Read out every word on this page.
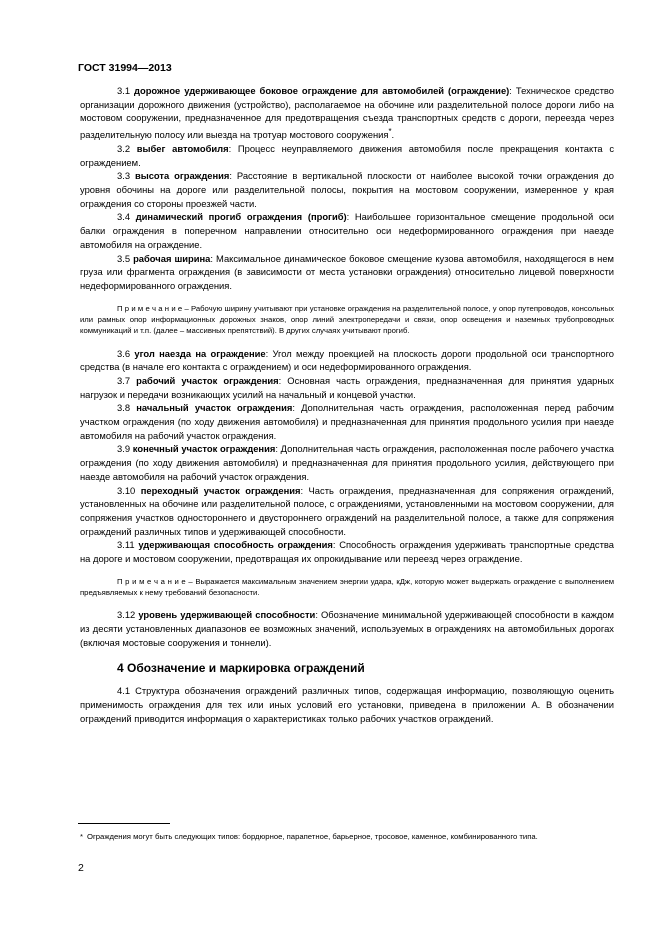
ГОСТ 31994—2013

3.1 дорожное удерживающее боковое ограждение для автомобилей (ограждение): Техническое средство организации дорожного движения (устройство), располагаемое на обочине или разделительной полосе дороги либо на мостовом сооружении, предназначенное для предотвращения съезда транспортных средств с дороги, переезда через разделительную полосу или выезда на тротуар мостового сооружения*.

3.2 выбег автомобиля: Процесс неуправляемого движения автомобиля после прекращения контакта с ограждением.

3.3 высота ограждения: Расстояние в вертикальной плоскости от наиболее высокой точки ограждения до уровня обочины на дороге или разделительной полосы, покрытия на мостовом сооружении, измеренное у края ограждения со стороны проезжей части.

3.4 динамический прогиб ограждения (прогиб): Наибольшее горизонтальное смещение продольной оси балки ограждения в поперечном направлении относительно оси недеформированного ограждения при наезде автомобиля на ограждение.

3.5 рабочая ширина: Максимальное динамическое боковое смещение кузова автомобиля, находящегося в нем груза или фрагмента ограждения (в зависимости от места установки ограждения) относительно лицевой поверхности недеформированного ограждения.

П р и м е ч а н и е – Рабочую ширину учитывают при установке ограждения на разделительной полосе, у опор путепроводов, консольных или рамных опор информационных дорожных знаков, опор линий электропередачи и связи, опор освещения и наземных трубопроводных коммуникаций и т.п. (далее – массивных препятствий). В других случаях учитывают прогиб.

3.6 угол наезда на ограждение: Угол между проекцией на плоскость дороги продольной оси транспортного средства (в начале его контакта с ограждением) и оси недеформированного ограждения.

3.7 рабочий участок ограждения: Основная часть ограждения, предназначенная для принятия ударных нагрузок и передачи возникающих усилий на начальный и концевой участки.

3.8 начальный участок ограждения: Дополнительная часть ограждения, расположенная перед рабочим участком ограждения (по ходу движения автомобиля) и предназначенная для принятия продольного усилия при наезде автомобиля на рабочий участок ограждения.

3.9 конечный участок ограждения: Дополнительная часть ограждения, расположенная после рабочего участка ограждения (по ходу движения автомобиля) и предназначенная для принятия продольного усилия, действующего при наезде автомобиля на рабочий участок ограждения.

3.10 переходный участок ограждения: Часть ограждения, предназначенная для сопряжения ограждений, установленных на обочине или разделительной полосе, с ограждениями, установленными на мостовом сооружении, для сопряжения участков одностороннего и двустороннего ограждений на разделительной полосе, а также для сопряжения ограждений различных типов и удерживающей способности.

3.11 удерживающая способность ограждения: Способность ограждения удерживать транспортные средства на дороге и мостовом сооружении, предотвращая их опрокидывание или переезд через ограждение.

П р и м е ч а н и е – Выражается максимальным значением энергии удара, кДж, которую может выдержать ограждение с выполнением предъявляемых к нему требований безопасности.

3.12 уровень удерживающей способности: Обозначение минимальной удерживающей способности в каждом из десяти установленных диапазонов ее возможных значений, используемых в ограждениях на автомобильных дорогах (включая мостовые сооружения и тоннели).

4 Обозначение и маркировка ограждений

4.1 Структура обозначения ограждений различных типов, содержащая информацию, позволяющую оценить применимость ограждения для тех или иных условий его установки, приведена в приложении А. В обозначении ограждений приводится информация о характеристиках только рабочих участков ограждений.

* Ограждения могут быть следующих типов: бордюрное, парапетное, барьерное, тросовое, каменное, комбинированного типа.
2
